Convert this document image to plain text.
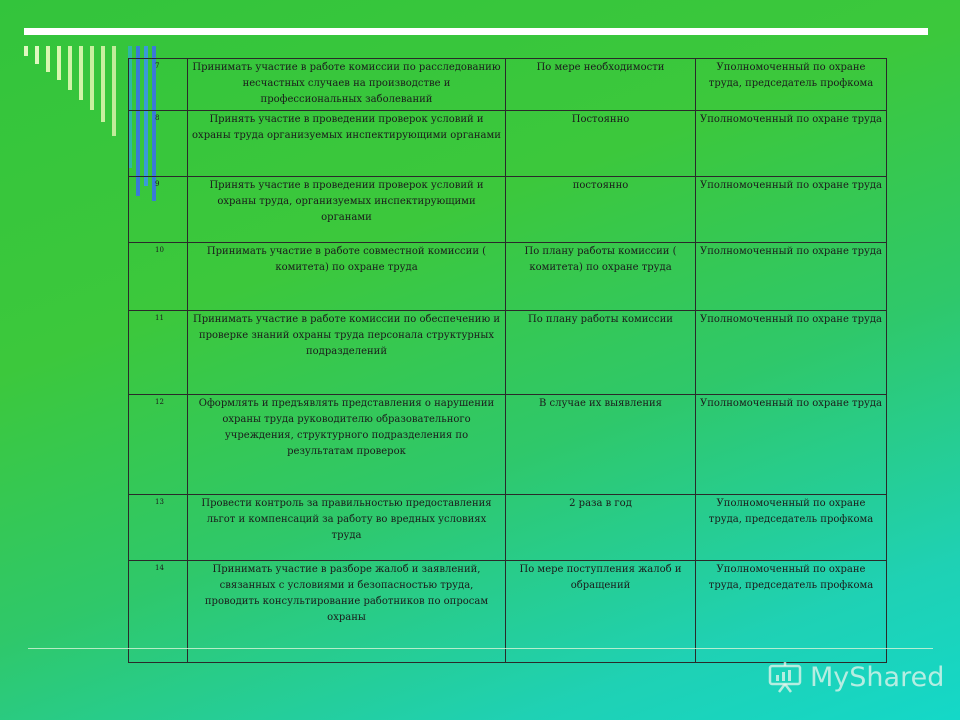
7	Принимать участие в работе комиссии по расследованию несчастных случаев на производстве и профессиональных заболеваний	По мере необходимости	Уполномоченный по охране труда, председатель профкома
8	Принять участие в проведении проверок условий и охраны труда организуемых инспектирующими органами	Постоянно	Уполномоченный по охране труда
9	Принять участие в проведении проверок условий и охраны труда, организуемых инспектирующими органами	постоянно	Уполномоченный по охране труда
10	Принимать участие в работе совместной комиссии ( комитета) по охране труда	По плану работы комиссии ( комитета) по охране труда	Уполномоченный по охране труда
11	Принимать участие в работе комиссии по обеспечению и проверке знаний охраны труда персонала структурных подразделений	По плану работы комиссии	Уполномоченный по охране труда
12	Оформлять и предъявлять представления о нарушении охраны труда руководителю образовательного учреждения, структурного подразделения по результатам проверок	В случае их выявления	Уполномоченный по охране труда
13	Провести контроль за правильностью предоставления льгот и компенсаций за работу во вредных условиях труда	2 раза в год	Уполномоченный по охране труда, председатель профкома
14	Принимать участие в разборе жалоб и заявлений, связанных с условиями и безопасностью труда, проводить консультирование работников по опросам охраны	По мере поступления жалоб и обращений	Уполномоченный по охране труда, председатель профкома
MyShared
